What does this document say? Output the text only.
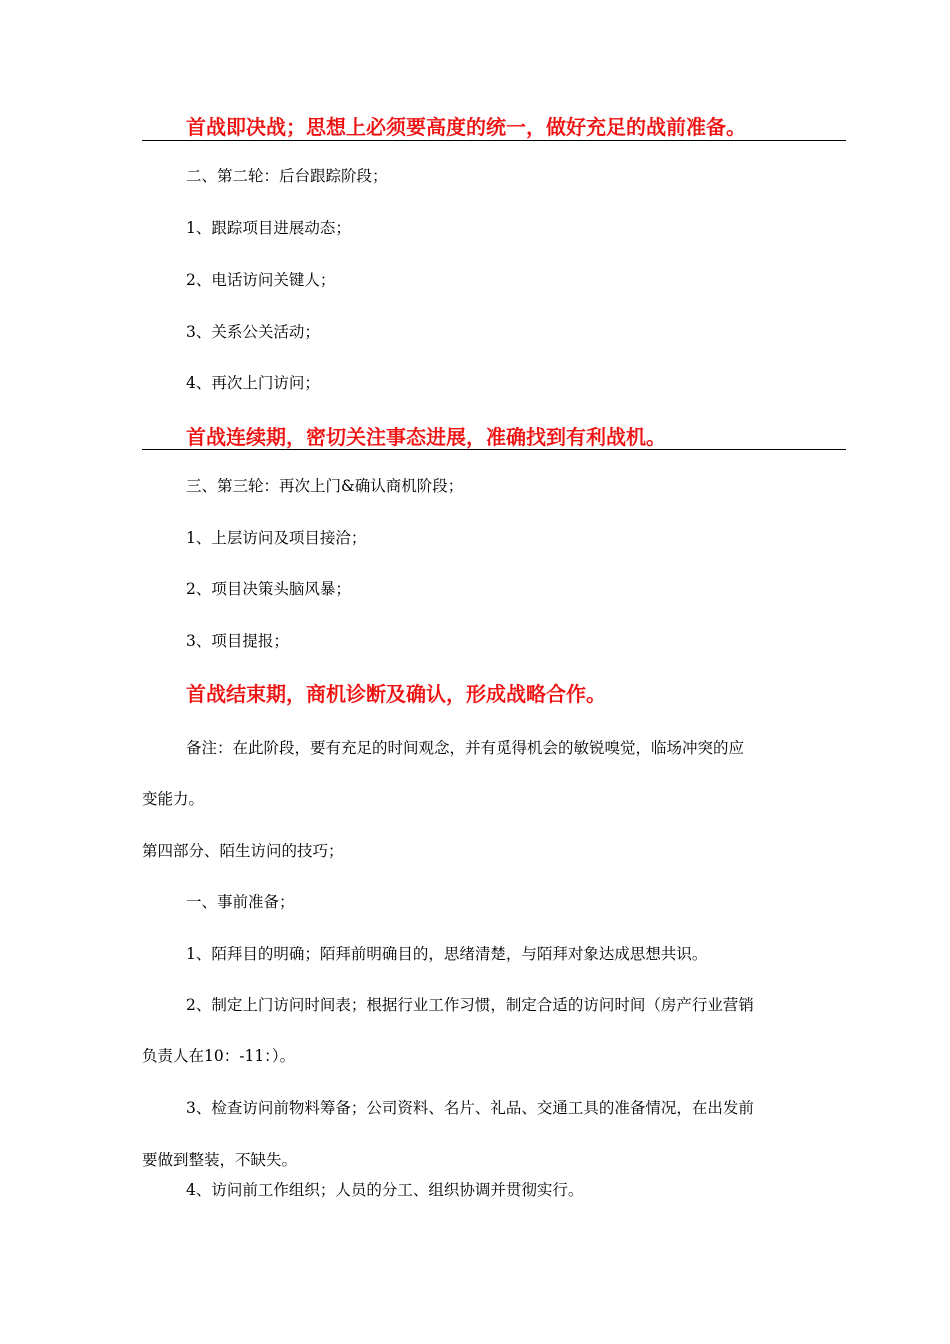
首战即决战；思想上必须要高度的统一，做好充足的战前准备。
二、第二轮：后台跟踪阶段；
1、跟踪项目进展动态；
2、电话访问关键人；
3、关系公关活动；
4、再次上门访问；
首战连续期，密切关注事态进展，准确找到有利战机。
三、第三轮：再次上门&确认商机阶段；
1、上层访问及项目接洽；
2、项目决策头脑风暴；
3、项目提报；
首战结束期，商机诊断及确认，形成战略合作。
备注：在此阶段，要有充足的时间观念，并有觅得机会的敏锐嗅觉，临场冲突的应
变能力。
第四部分、陌生访问的技巧；
一、事前准备；
1、陌拜目的明确；陌拜前明确目的，思绪清楚，与陌拜对象达成思想共识。
2、制定上门访问时间表；根据行业工作习惯，制定合适的访问时间（房产行业营销
负责人在10：-11：）。
3、检查访问前物料筹备；公司资料、名片、礼品、交通工具的准备情况，在出发前
要做到整装，不缺失。
4、访问前工作组织；人员的分工、组织协调并贯彻实行。
